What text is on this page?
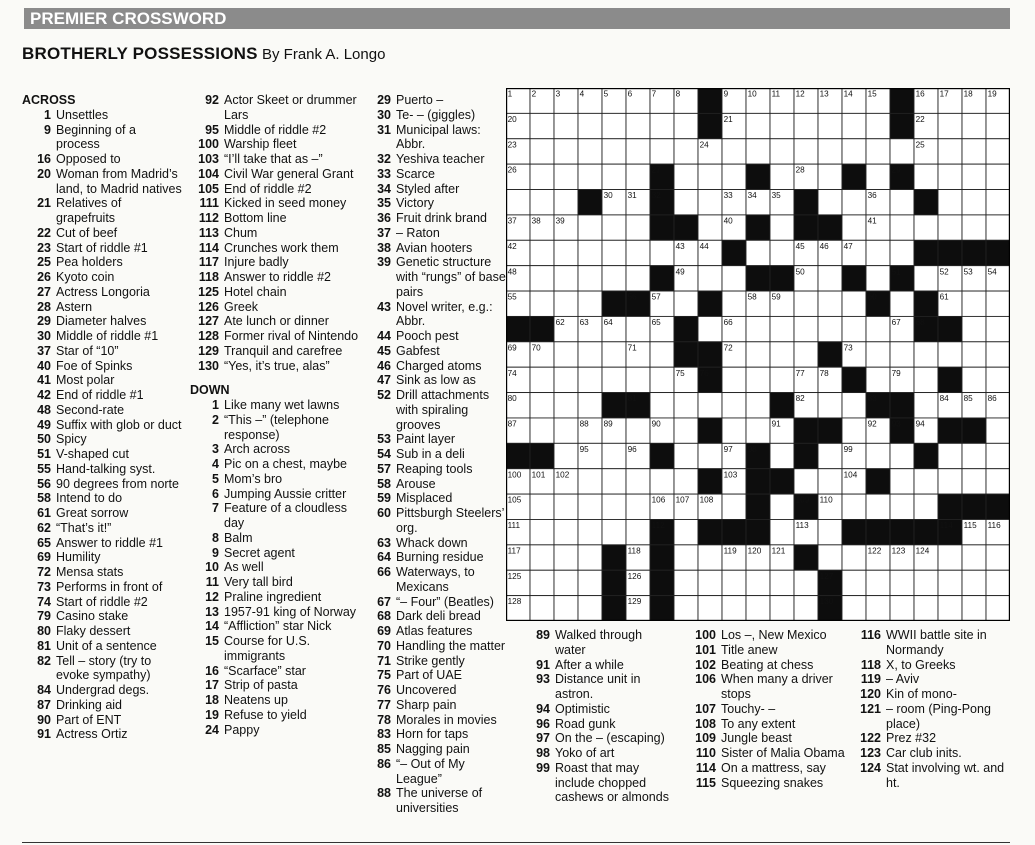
PREMIER CROSSWORD
BROTHERLY POSSESSIONS By Frank A. Longo
ACROSS
1 Unsettles
9 Beginning of a process
16 Opposed to
20 Woman from Madrid’s land, to Madrid natives
21 Relatives of grapefruits
22 Cut of beef
23 Start of riddle #1
25 Pea holders
26 Kyoto coin
27 Actress Longoria
28 Astern
29 Diameter halves
30 Middle of riddle #1
37 Star of “10”
40 Foe of Spinks
41 Most polar
42 End of riddle #1
48 Second-rate
49 Suffix with glob or duct
50 Spicy
51 V-shaped cut
55 Hand-talking syst.
56 90 degrees from norte
58 Intend to do
61 Great sorrow
62 “That’s it!”
65 Answer to riddle #1
69 Humility
72 Mensa stats
73 Performs in front of
74 Start of riddle #2
79 Casino stake
80 Flaky dessert
81 Unit of a sentence
82 Tell – story (try to evoke sympathy)
84 Undergrad degs.
87 Drinking aid
90 Part of ENT
91 Actress Ortiz
92 Actor Skeet or drummer Lars
95 Middle of riddle #2
100 Warship fleet
103 “I’ll take that as –”
104 Civil War general Grant
105 End of riddle #2
111 Kicked in seed money
112 Bottom line
113 Chum
114 Crunches work them
117 Injure badly
118 Answer to riddle #2
125 Hotel chain
126 Greek
127 Ate lunch or dinner
128 Former rival of Nintendo
129 Tranquil and carefree
130 “Yes, it’s true, alas”
DOWN
1 Like many wet lawns
2 “This –” (telephone response)
3 Arch across
4 Pic on a chest, maybe
5 Mom’s bro
6 Jumping Aussie critter
7 Feature of a cloudless day
8 Balm
9 Secret agent
10 As well
11 Very tall bird
12 Praline ingredient
13 1957-91 king of Norway
14 “Affliction” star Nick
15 Course for U.S. immigrants
16 “Scarface” star
17 Strip of pasta
18 Neatens up
19 Refuse to yield
24 Pappy
29 Puerto –
30 Te- – (giggles)
31 Municipal laws: Abbr.
32 Yeshiva teacher
33 Scarce
34 Styled after
35 Victory
36 Fruit drink brand
37 – Raton
38 Avian hooters
39 Genetic structure with “rungs” of base pairs
43 Novel writer, e.g.: Abbr.
44 Pooch pest
45 Gabfest
46 Charged atoms
47 Sink as low as
52 Drill attachments with spiraling grooves
53 Paint layer
54 Sub in a deli
57 Reaping tools
58 Arouse
59 Misplaced
60 Pittsburgh Steelers’ org.
63 Whack down
64 Burning residue
66 Waterways, to Mexicans
67 “– Four” (Beatles)
68 Dark deli bread
69 Atlas features
70 Handling the matter
71 Strike gently
75 Part of UAE
76 Uncovered
77 Sharp pain
78 Morales in movies
83 Horn for taps
85 Nagging pain
86 “– Out of My League”
88 The universe of universities
1 2 3 4 5 6 7 8	9 10 11 12 13 14 15	16 17 18 19
20	21	22
23	24	25
26	27	28	29
30 31 32	33 34 35	36
37 38 39	40	41
42	43 44	45 46 47
48	49	50	51	52 53 54
55	56 57	58 59	60	61
62 63 64	65	66	67 68
69 70	71	72	73
74	75 76	77 78	79
80	81	82	83	84 85 86
87	88 89	90	91	92 93 94
95	96	97 98	99
100 101 102	103	104
105	106 107 108	109 110
111	112	113	114 115 116
117	118	119 120 121	122 123 124
125	126	127
128	129	130
89 Walked through water
91 After a while
93 Distance unit in astron.
94 Optimistic
96 Road gunk
97 On the – (escaping)
98 Yoko of art
99 Roast that may include chopped cashews or almonds
100 Los –, New Mexico
101 Title anew
102 Beating at chess
106 When many a driver stops
107 Touchy- –
108 To any extent
109 Jungle beast
110 Sister of Malia Obama
114 On a mattress, say
115 Squeezing snakes
116 WWII battle site in Normandy
118 X, to Greeks
119 – Aviv
120 Kin of mono-
121 – room (Ping-Pong place)
122 Prez #32
123 Car club inits.
124 Stat involving wt. and ht.
